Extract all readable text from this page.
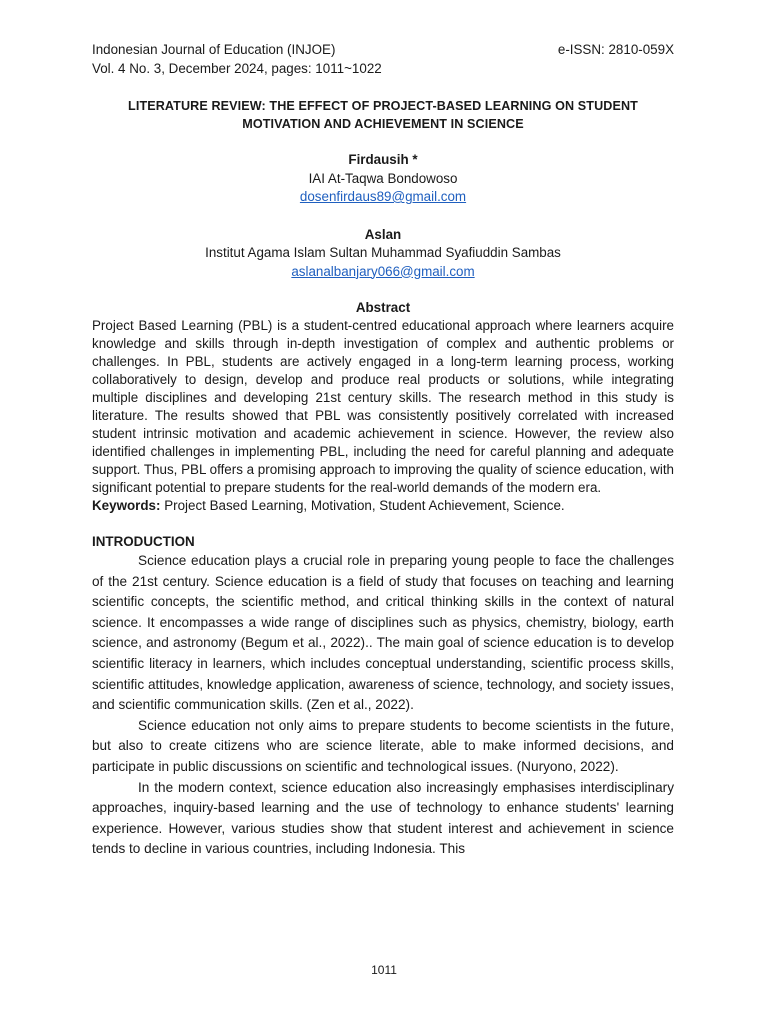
Indonesian Journal of Education (INJOE)	e-ISSN: 2810-059X
Vol. 4 No. 3, December 2024, pages: 1011~1022
LITERATURE REVIEW: THE EFFECT OF PROJECT-BASED LEARNING ON STUDENT
MOTIVATION AND ACHIEVEMENT IN SCIENCE
Firdausih *
IAI At-Taqwa Bondowoso
dosenfirdaus89@gmail.com
Aslan
Institut Agama Islam Sultan Muhammad Syafiuddin Sambas
aslanalbanjary066@gmail.com
Abstract
Project Based Learning (PBL) is a student-centred educational approach where learners acquire knowledge and skills through in-depth investigation of complex and authentic problems or challenges. In PBL, students are actively engaged in a long-term learning process, working collaboratively to design, develop and produce real products or solutions, while integrating multiple disciplines and developing 21st century skills. The research method in this study is literature. The results showed that PBL was consistently positively correlated with increased student intrinsic motivation and academic achievement in science. However, the review also identified challenges in implementing PBL, including the need for careful planning and adequate support. Thus, PBL offers a promising approach to improving the quality of science education, with significant potential to prepare students for the real-world demands of the modern era.
Keywords: Project Based Learning, Motivation, Student Achievement, Science.
INTRODUCTION

Science education plays a crucial role in preparing young people to face the challenges of the 21st century. Science education is a field of study that focuses on teaching and learning scientific concepts, the scientific method, and critical thinking skills in the context of natural science. It encompasses a wide range of disciplines such as physics, chemistry, biology, earth science, and astronomy (Begum et al., 2022).. The main goal of science education is to develop scientific literacy in learners, which includes conceptual understanding, scientific process skills, scientific attitudes, knowledge application, awareness of science, technology, and society issues, and scientific communication skills. (Zen et al., 2022).

Science education not only aims to prepare students to become scientists in the future, but also to create citizens who are science literate, able to make informed decisions, and participate in public discussions on scientific and technological issues. (Nuryono, 2022).

In the modern context, science education also increasingly emphasises interdisciplinary approaches, inquiry-based learning and the use of technology to enhance students' learning experience. However, various studies show that student interest and achievement in science tends to decline in various countries, including Indonesia. This

1011
